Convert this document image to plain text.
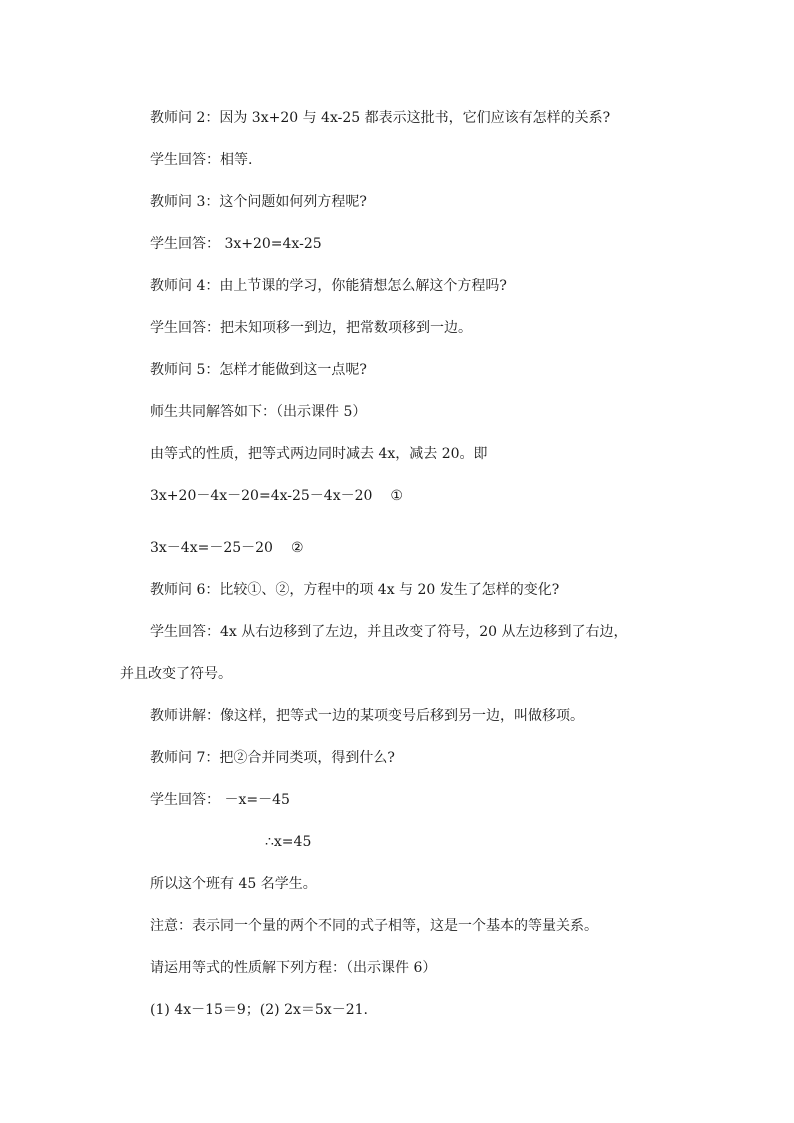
教师问 2：因为 3x+20 与 4x-25 都表示这批书，它们应该有怎样的关系?
学生回答：相等.
教师问 3：这个问题如何列方程呢?
学生回答： 3x+20=4x-25
教师问 4：由上节课的学习，你能猜想怎么解这个方程吗?
学生回答：把未知项移一到边，把常数项移到一边。
教师问 5：怎样才能做到这一点呢?
师生共同解答如下：（出示课件 5）
由等式的性质，把等式两边同时减去 4x，减去 20。即
3x+20－4x－20=4x-25－4x－20 ①
3x－4x=－25－20 ②
教师问 6：比较①、②，方程中的项 4x 与 20 发生了怎样的变化?
学生回答：4x 从右边移到了左边，并且改变了符号，20 从左边移到了右边，
并且改变了符号。
教师讲解：像这样，把等式一边的某项变号后移到另一边，叫做移项。
教师问 7：把②合并同类项，得到什么?
学生回答： －x=－45
∴x=45
所以这个班有 45 名学生。
注意：表示同一个量的两个不同的式子相等，这是一个基本的等量关系。
请运用等式的性质解下列方程：（出示课件 6）
(1) 4x－15＝9；(2) 2x＝5x－21.
